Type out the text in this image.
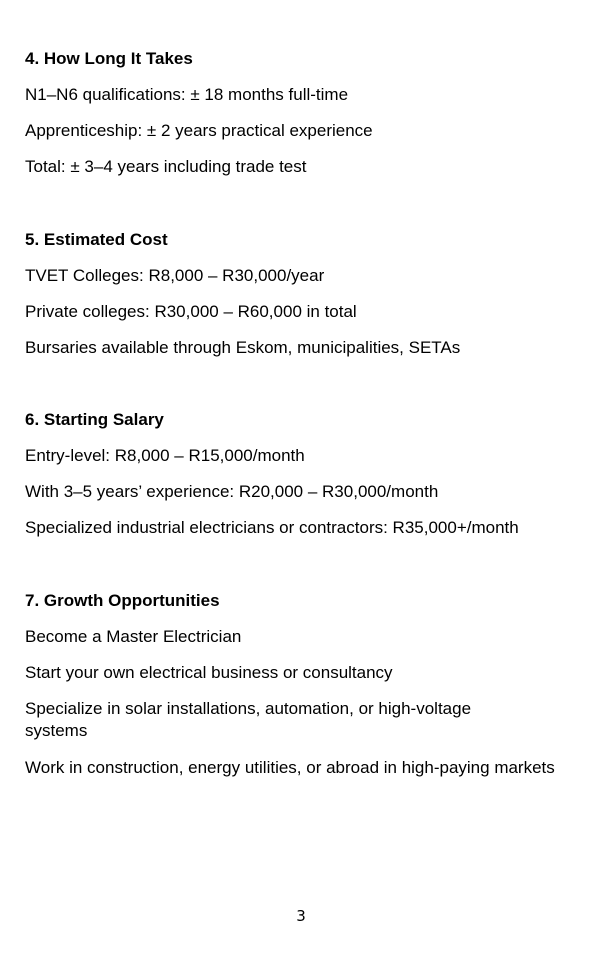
4. How Long It Takes
N1–N6 qualifications: ± 18 months full-time
Apprenticeship: ± 2 years practical experience
Total: ± 3–4 years including trade test
5. Estimated Cost
TVET Colleges: R8,000 – R30,000/year
Private colleges: R30,000 – R60,000 in total
Bursaries available through Eskom, municipalities, SETAs
6. Starting Salary
Entry-level: R8,000 – R15,000/month
With 3–5 years’ experience: R20,000 – R30,000/month
Specialized industrial electricians or contractors: R35,000+/month
7. Growth Opportunities
Become a Master Electrician
Start your own electrical business or consultancy
Specialize in solar installations, automation, or high-voltage systems
Work in construction, energy utilities, or abroad in high-paying markets
3
